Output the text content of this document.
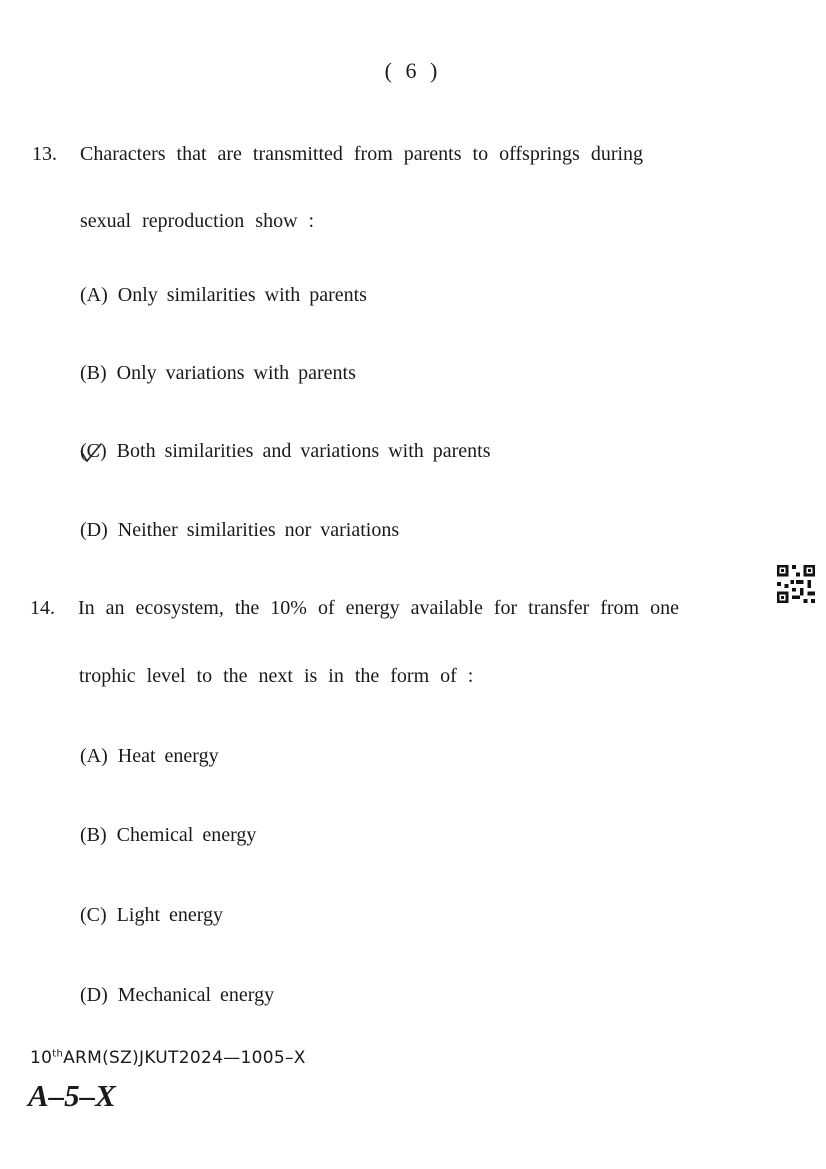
( 6 )
13. Characters that are transmitted from parents to offsprings during
sexual reproduction show :
(A) Only similarities with parents
(B) Only variations with parents
(C) Both similarities and variations with parents
(D) Neither similarities nor variations
14. In an ecosystem, the 10% of energy available for transfer from one
trophic level to the next is in the form of :
(A) Heat energy
(B) Chemical energy
(C) Light energy
(D) Mechanical energy
10thARM(SZ)JKUT2024—1005–X
A–5–X
